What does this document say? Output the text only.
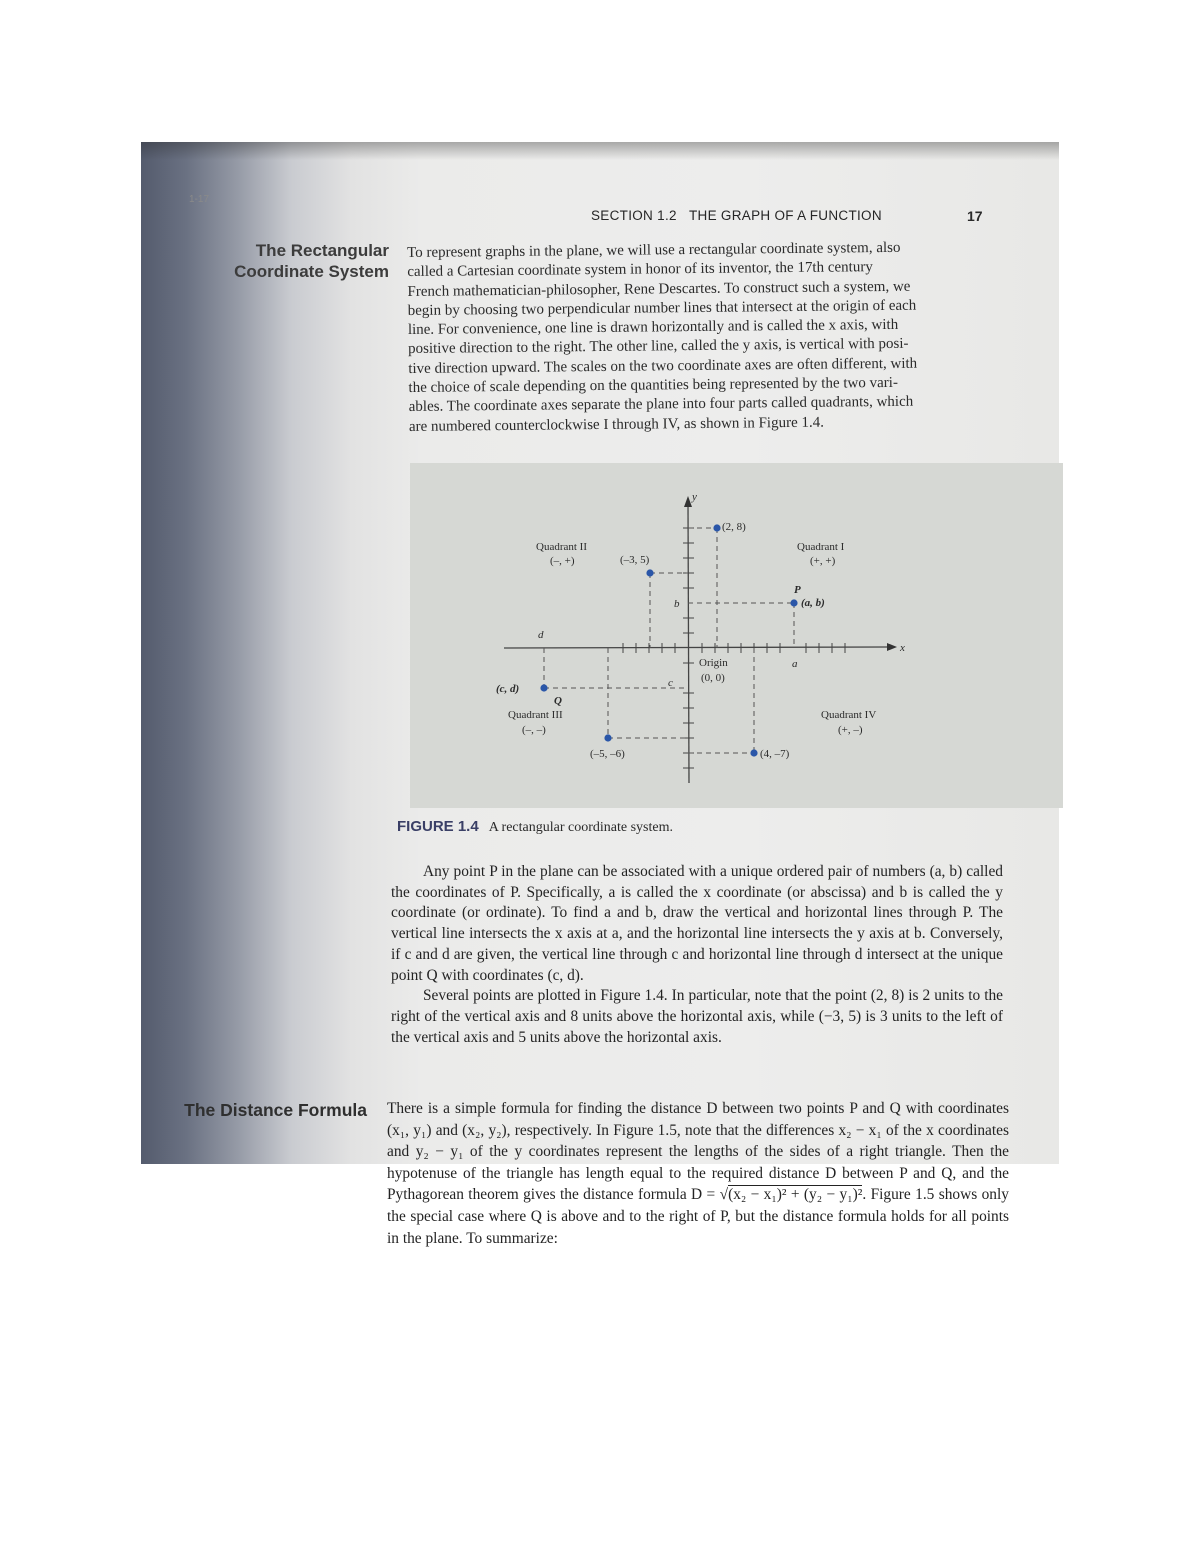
1-17
SECTION 1.2 THE GRAPH OF A FUNCTION	17
The Rectangular
Coordinate System
To represent graphs in the plane, we will use a rectangular coordinate system, also
called a Cartesian coordinate system in honor of its inventor, the 17th century
French mathematician-philosopher, Rene Descartes. To construct such a system, we
begin by choosing two perpendicular number lines that intersect at the origin of each
line. For convenience, one line is drawn horizontally and is called the x axis, with
positive direction to the right. The other line, called the y axis, is vertical with posi-
tive direction upward. The scales on the two coordinate axes are often different, with
the choice of scale depending on the quantities being represented by the two vari-
ables. The coordinate axes separate the plane into four parts called quadrants, which
are numbered counterclockwise I through IV, as shown in Figure 1.4.
y
x
(2, 8)
(–3, 5)
P
(a, b)
(c, d)
Q
(–5, –6)	(4, –7)
b
a
c
d
Origin
(0, 0)
Quadrant II
(–, +)
Quadrant I
(+, +)
Quadrant III
(–, –)
Quadrant IV
(+, –)
FIGURE 1.4 A rectangular coordinate system.

Any point P in the plane can be associated with a unique ordered pair of numbers (a, b) called the coordinates of P. Specifically, a is called the x coordinate (or abscissa) and b is called the y coordinate (or ordinate). To find a and b, draw the vertical and horizontal lines through P. The vertical line intersects the x axis at a, and the horizontal line intersects the y axis at b. Conversely, if c and d are given, the vertical line through c and horizontal line through d intersect at the unique point Q with coordinates (c, d).

Several points are plotted in Figure 1.4. In particular, note that the point (2, 8) is 2 units to the right of the vertical axis and 8 units above the horizontal axis, while (−3, 5) is 3 units to the left of the vertical axis and 5 units above the horizontal axis.

The Distance Formula There is a simple formula for finding the distance D between two points P and Q with coordinates (x₁, y₁) and (x₂, y₂), respectively. In Figure 1.5, note that the differences x₂ − x₁ of the x coordinates and y₂ − y₁ of the y coordinates represent the lengths of the sides of a right triangle. Then the hypotenuse of the triangle has length equal to the required distance D between P and Q, and the Pythagorean theorem gives the distance formula D = √(x₂ − x₁)² + (y₂ − y₁)². Figure 1.5 shows only the special case where Q is above and to the right of P, but the distance formula holds for all points in the plane. To summarize:
